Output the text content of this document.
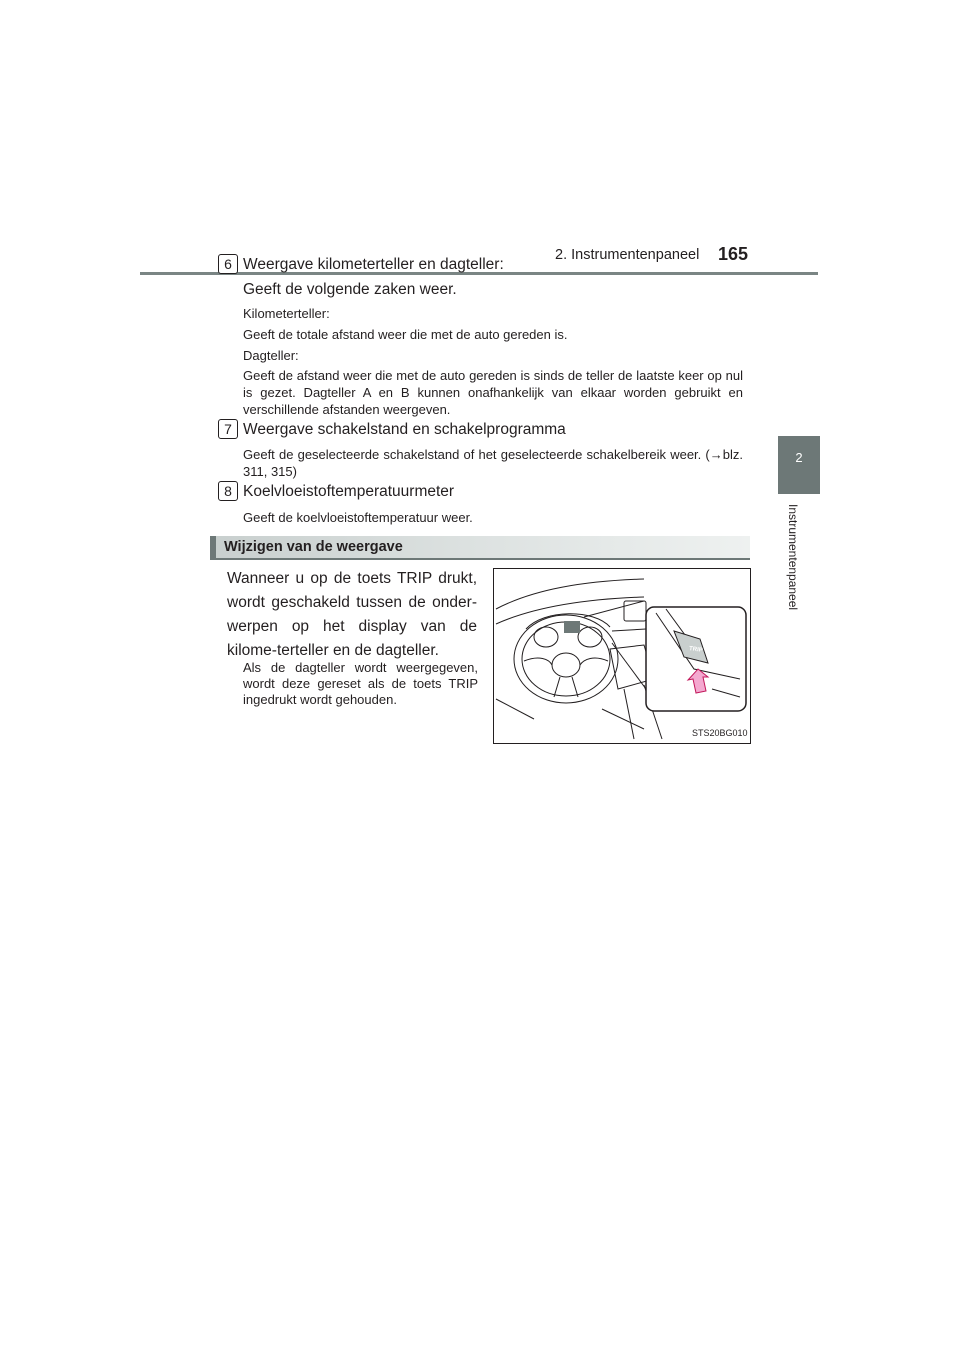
2. Instrumentenpaneel 165
2
Instrumentenpaneel
6 Weergave kilometerteller en dagteller:
Geeft de volgende zaken weer.
Kilometerteller:
Geeft de totale afstand weer die met de auto gereden is.
Dagteller:
Geeft de afstand weer die met de auto gereden is sinds de teller de laatste keer op nul is gezet. Dagteller A en B kunnen onafhankelijk van elkaar worden gebruikt en verschillende afstanden weergeven.
7 Weergave schakelstand en schakelprogramma
Geeft de geselecteerde schakelstand of het geselecteerde schakelbereik weer. (→blz. 311, 315)
8 Koelvloeistoftemperatuurmeter
Geeft de koelvloeistoftemperatuur weer.
Wijzigen van de weergave
Wanneer u op de toets TRIP drukt, wordt geschakeld tussen de onder-werpen op het display van de kilome-terteller en de dagteller.
Als de dagteller wordt weergegeven, wordt deze gereset als de toets TRIP ingedrukt wordt gehouden.
TRIP
STS20BG010
